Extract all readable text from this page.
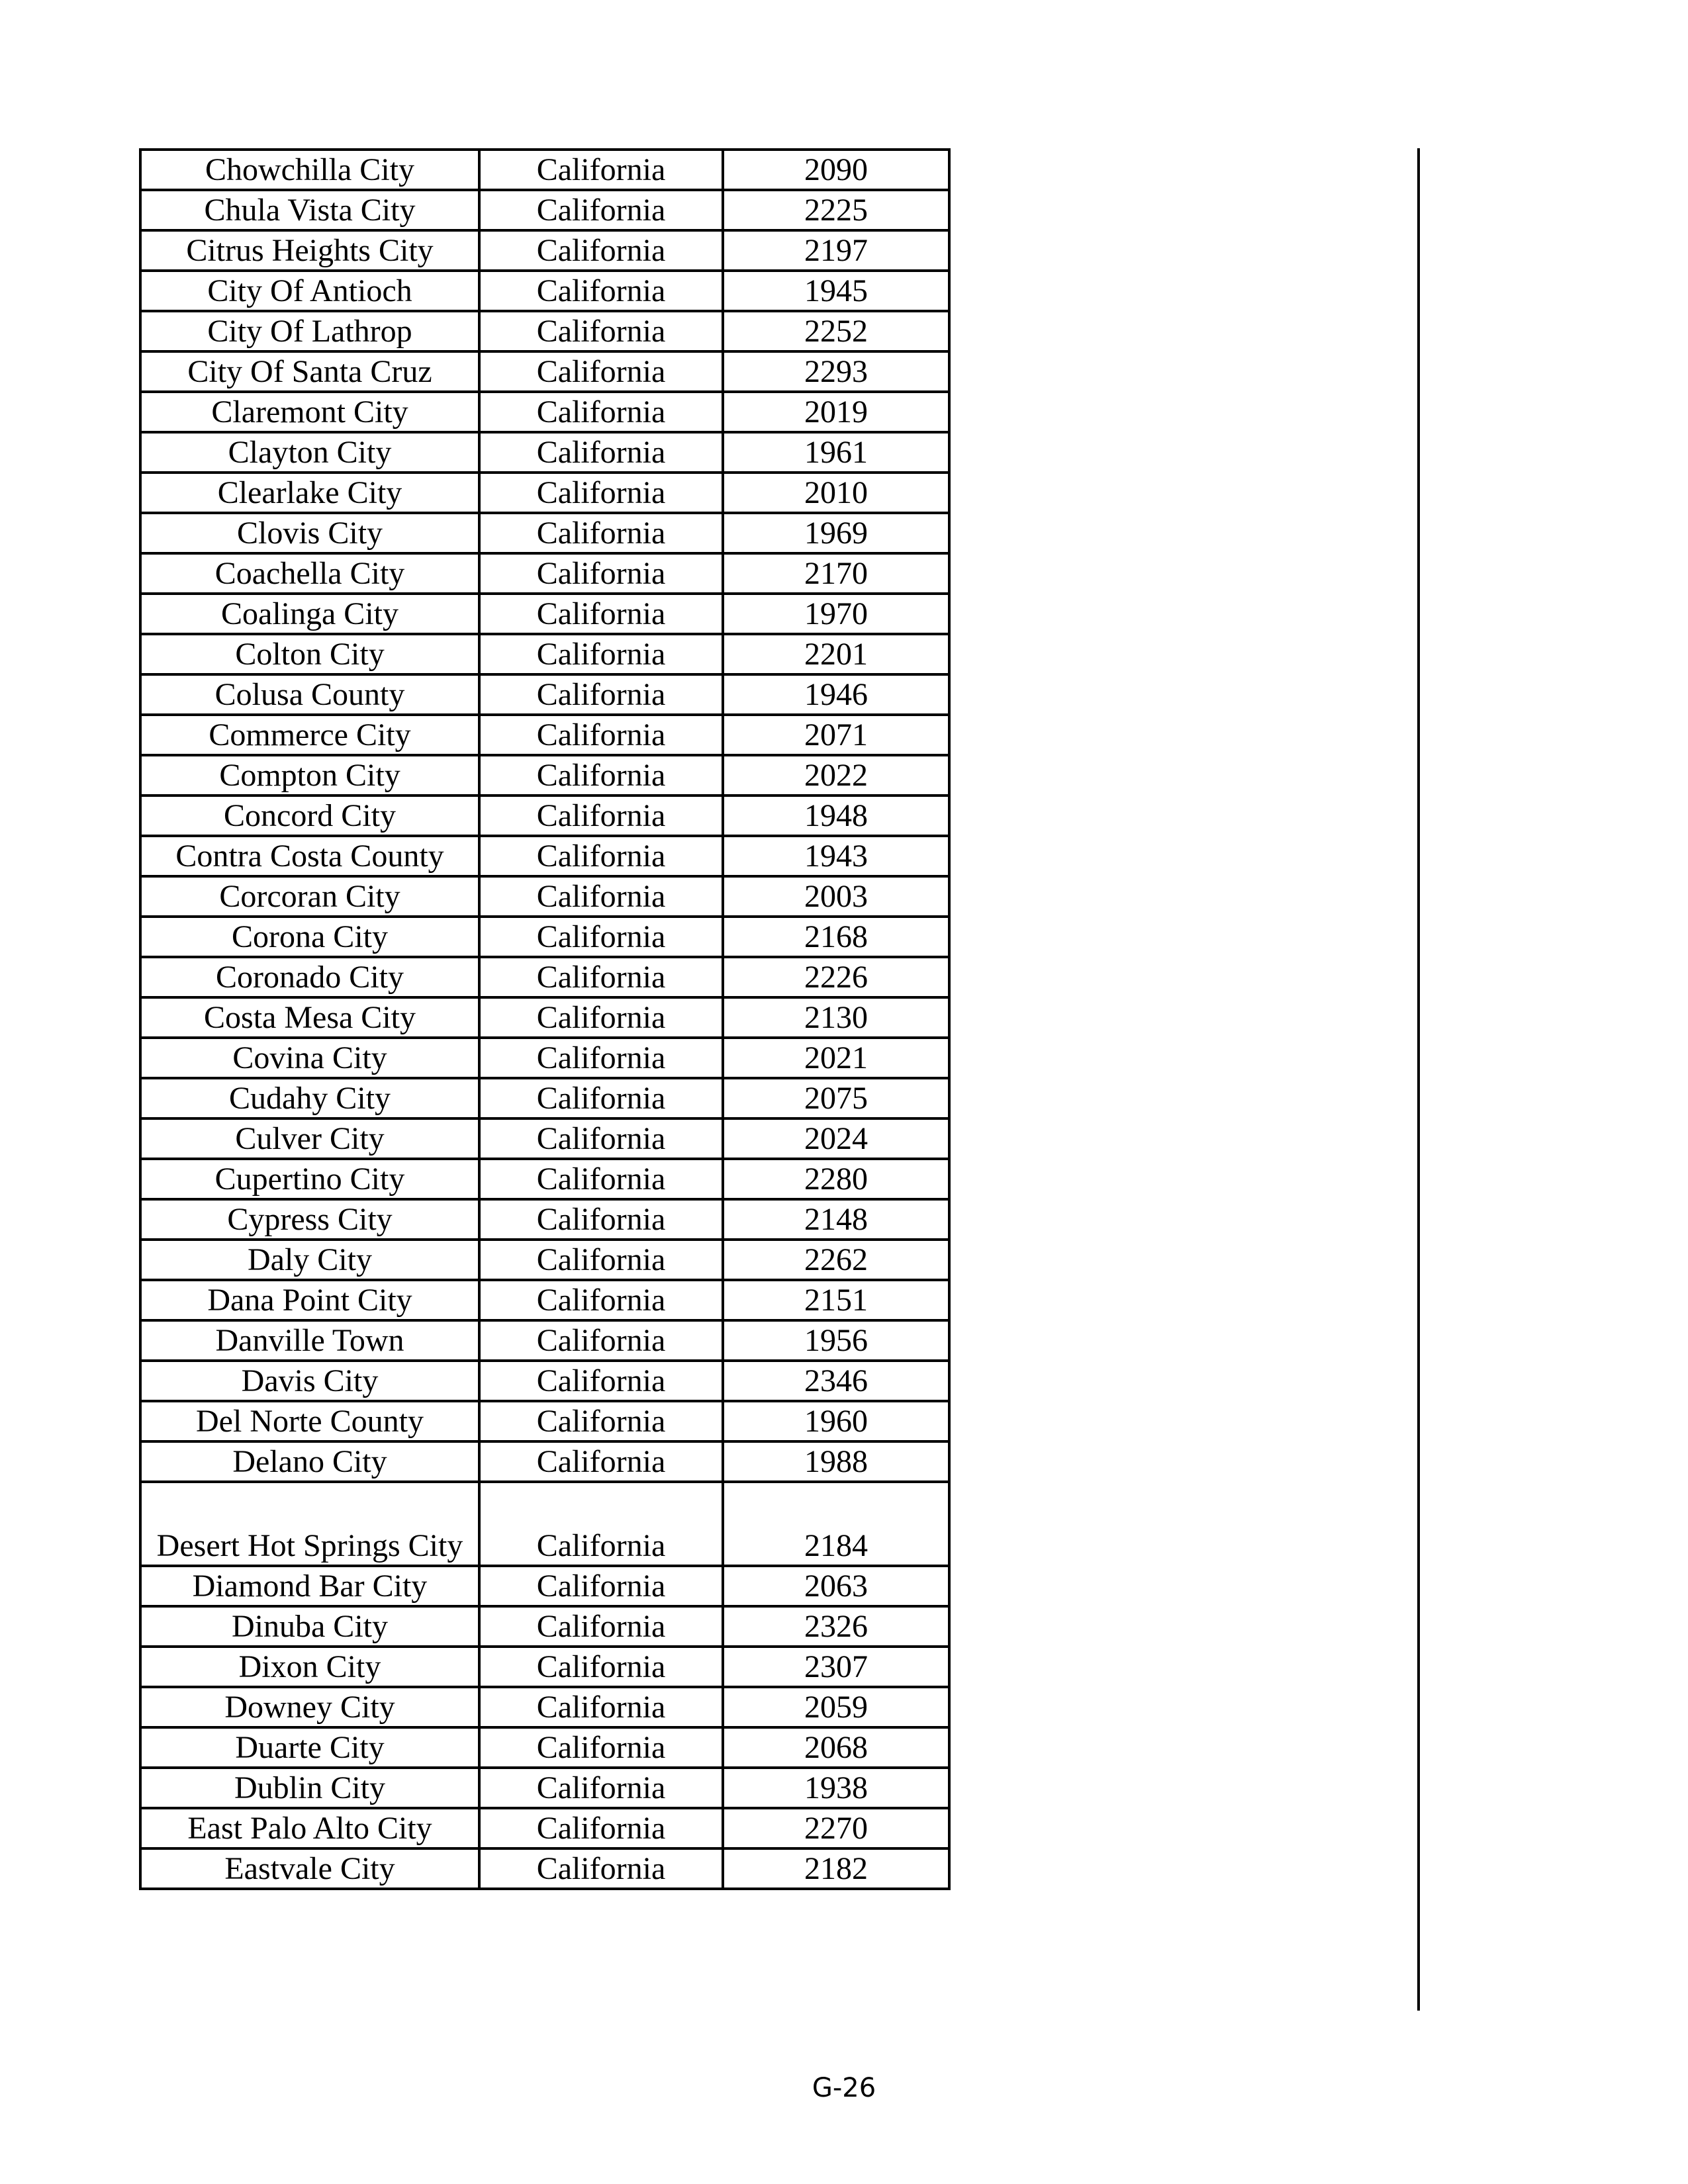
Chowchilla City	California	2090
Chula Vista City	California	2225
Citrus Heights City	California	2197
City Of Antioch	California	1945
City Of Lathrop	California	2252
City Of Santa Cruz	California	2293
Claremont City	California	2019
Clayton City	California	1961
Clearlake City	California	2010
Clovis City	California	1969
Coachella City	California	2170
Coalinga City	California	1970
Colton City	California	2201
Colusa County	California	1946
Commerce City	California	2071
Compton City	California	2022
Concord City	California	1948
Contra Costa County	California	1943
Corcoran City	California	2003
Corona City	California	2168
Coronado City	California	2226
Costa Mesa City	California	2130
Covina City	California	2021
Cudahy City	California	2075
Culver City	California	2024
Cupertino City	California	2280
Cypress City	California	2148
Daly City	California	2262
Dana Point City	California	2151
Danville Town	California	1956
Davis City	California	2346
Del Norte County	California	1960
Delano City	California	1988
Desert Hot Springs City	California	2184
Diamond Bar City	California	2063
Dinuba City	California	2326
Dixon City	California	2307
Downey City	California	2059
Duarte City	California	2068
Dublin City	California	1938
East Palo Alto City	California	2270
Eastvale City	California	2182
G-26
